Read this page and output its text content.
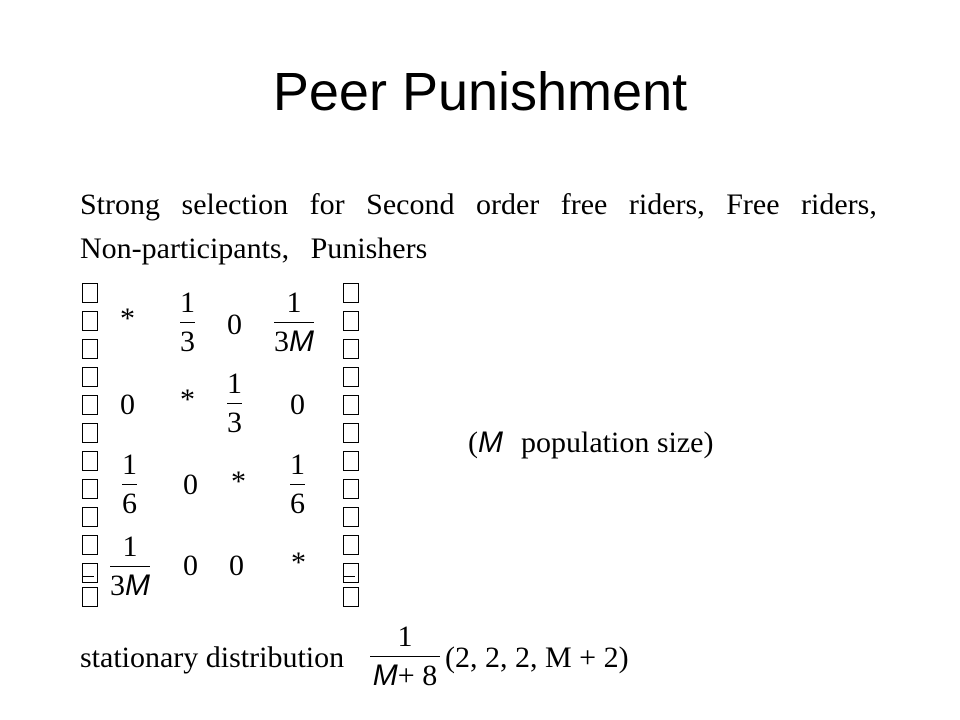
Peer Punishment
Strong selection for Second order free riders, Free riders,
Non-participants, Punishers
* 1
3
0
1
3M
0 * 1
3
0
1
6
0 *
1
6
1
3M
0 0 *
(M population size)
stationary distribution
1
M+ 8
(2, 2, 2, M + 2)
